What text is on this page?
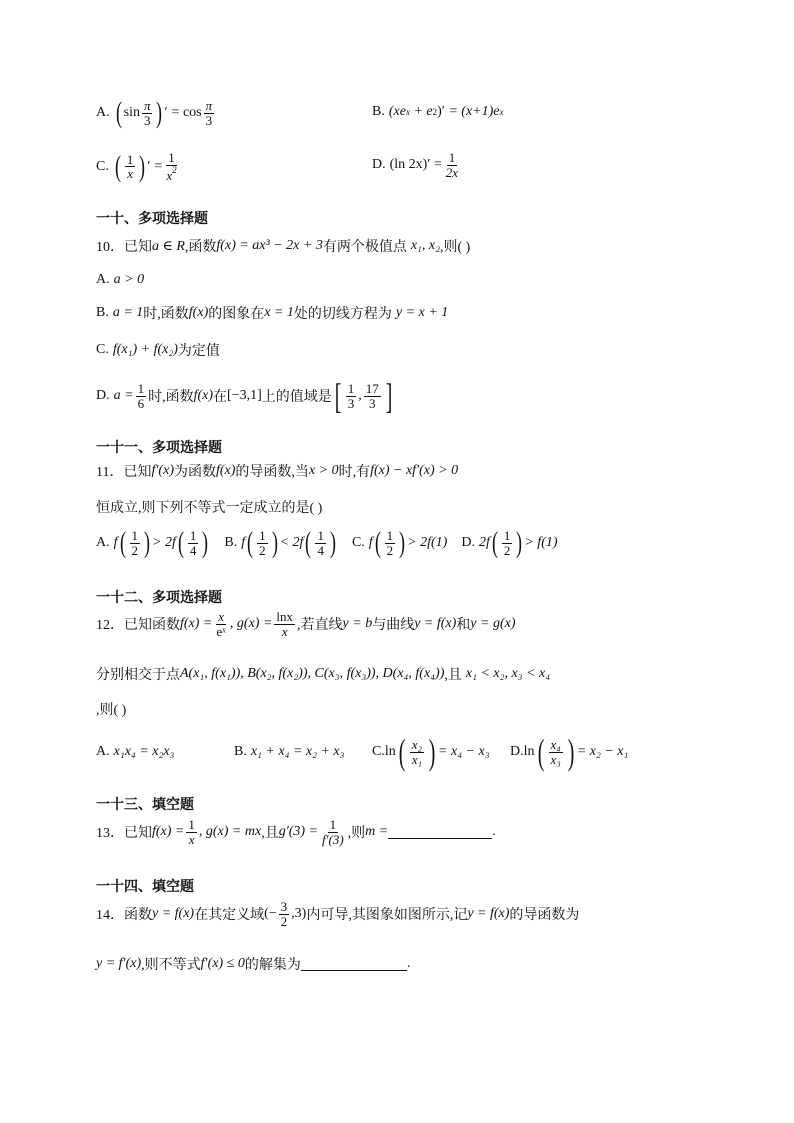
A. ( $\sin \frac{\pi}{3}$ ) ′ = $\cos \frac{\pi}{3}$	B. (xe x + e 2 )′ = (x+1)e x
C. ( $\frac{1}{x}$ ) ′ = $\frac{1}{x^2}$	D. (ln $2x)' = \frac{1}{2x}$
一十、多项选择题
10．已知 a ∈ R ,函数 f(x) = ax³ − 2x + 3 有两个极值点 x₁, x₂ ,则( )
A. a > 0
B. a = 1 时,函数 f(x) 的图象在 x = 1 处的切线方程为 y = x + 1
C. f(x₁) + f(x₂) 为定值
D. $a = \frac{1}{6}$ 时,函数 f(x) 在 [−3,1] 上的值域是 [ $\frac{1}{3}$ , $\frac{17}{3}$ ]
一十一、多项选择题
11．已知 f′(x) 为函数 f(x) 的导函数,当 x > 0 时,有 f(x) − xf′(x) > 0
恒成立,则下列不等式一定成立的是( )
A. f ( $\frac{1}{2}$ ) > 2f ( $\frac{1}{4}$ ) B. f ( $\frac{1}{2}$ ) < 2f ( $\frac{1}{4}$ ) C. f ( $\frac{1}{2}$ ) > 2f(1) D. 2f ( $\frac{1}{2}$ ) > f(1)
一十二、多项选择题
12．已知函数 $f(x) = \frac{x}{\text{eˣ}}$ , $g(x) = \frac{\ln x}{x}$ ,若直线 y = b 与曲线 y = f(x) 和 y = g(x)
分别相交于点 A(x₁, f(x₁)), B(x₂, f(x₂)), C(x₃, f(x₃)), D(x₄, f(x₄)) ,且 x₁ < x₂, x₃ < x₄
,则( )
A. x₁x₄ = x₂x₃	B. x₁ + x₄ = x₂ + x₃ C. ln ( $\frac{\text{x₂}}{\text{x₁}}$ ) = x₄ − x₃ D. ln ( $\frac{\text{x₄}}{\text{x₃}}$ ) = x₂ − x₁
一十三、填空题
13．已知 $f(x) = \frac{1}{x}$ , g(x) = mx ,且 $g'(3) = \frac{1}{f'(3)}$ ,则 m =	.
一十四、填空题
14．函数 y = f(x) 在其定义域 (− $\frac{3}{2} ,3$) 内可导,其图象如图所示,记 y = f(x) 的导函数为
y = f′(x) ,则不等式 f′(x) ≤ 0 的解集为	.
